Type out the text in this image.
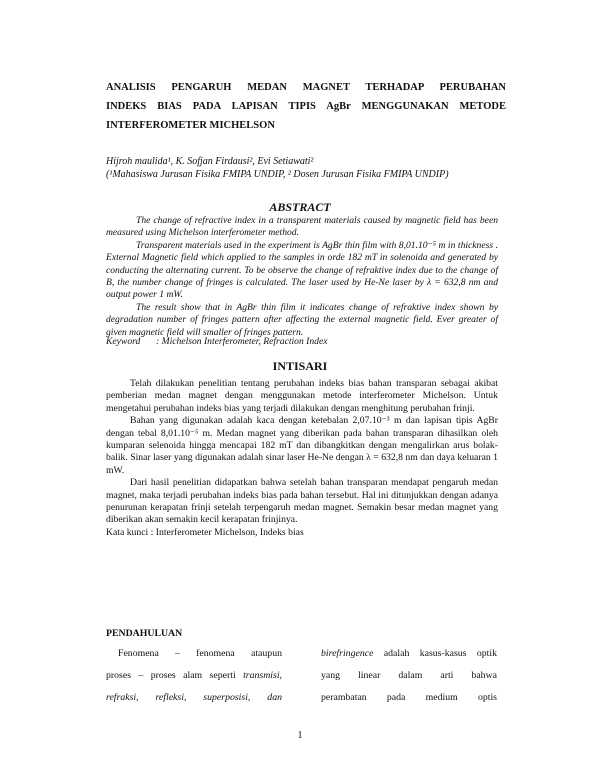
ANALISIS PENGARUH MEDAN MAGNET TERHADAP PERUBAHAN
INDEKS BIAS PADA LAPISAN TIPIS AgBr MENGGUNAKAN METODE
INTERFEROMETER MICHELSON
Hijroh maulida¹, K. Sofjan Firdausi², Evi Setiawati²
(¹Mahasiswa Jurusan Fisika FMIPA UNDIP, ² Dosen Jurusan Fisika FMIPA UNDIP)
ABSTRACT

The change of refractive index in a transparent materials caused by magnetic field has been measured using Michelson interferometer method.

Transparent materials used in the experiment is AgBr thin film with 8,01.10⁻⁵ m in thickness . External Magnetic field which applied to the samples in orde 182 mT in solenoida and generated by conducting the alternating current. To be observe the change of refraktive index due to the change of B, the number change of fringes is calculated. The laser used by He-Ne laser by λ = 632,8 nm and output power 1 mW.

The result show that in AgBr thin film it indicates change of refraktive index shown by degradation number of fringes pattern after affecting the external magnetic field. Ever greater of given magnetic field will smaller of fringes pattern.

Keyword : Michelson Interferometer, Refraction Index
INTISARI

Telah dilakukan penelitian tentang perubahan indeks bias bahan transparan sebagai akibat pemberian medan magnet dengan menggunakan metode interferometer Michelson. Untuk mengetahui perubahan indeks bias yang terjadi dilakukan dengan menghitung perubahan frinji.

Bahan yang digunakan adalah kaca dengan ketebalan 2,07.10⁻³ m dan lapisan tipis AgBr dengan tebal 8,01.10⁻⁵ m. Medan magnet yang diberikan pada bahan transparan dihasilkan oleh kumparan selenoida hingga mencapai 182 mT dan dibangkitkan dengan mengalirkan arus bolak-balik. Sinar laser yang digunakan adalah sinar laser He-Ne dengan λ = 632,8 nm dan daya keluaran 1 mW.

Dari hasil penelitian didapatkan bahwa setelah bahan transparan mendapat pengaruh medan magnet, maka terjadi perubahan indeks bias pada bahan tersebut. Hal ini ditunjukkan dengan adanya penurunan kerapatan frinji setelah terpengaruh medan magnet. Semakin besar medan magnet yang diberikan akan semakin kecil kerapatan frinjinya.

Kata kunci : Interferometer Michelson, Indeks bias

PENDAHULUAN
Fenomena – fenomena ataupun
proses – proses alam seperti transmisi,
refraksi, refleksi, superposisi, dan
birefringence adalah kasus-kasus optik
yang linear dalam arti bahwa
perambatan pada medium optis
1
